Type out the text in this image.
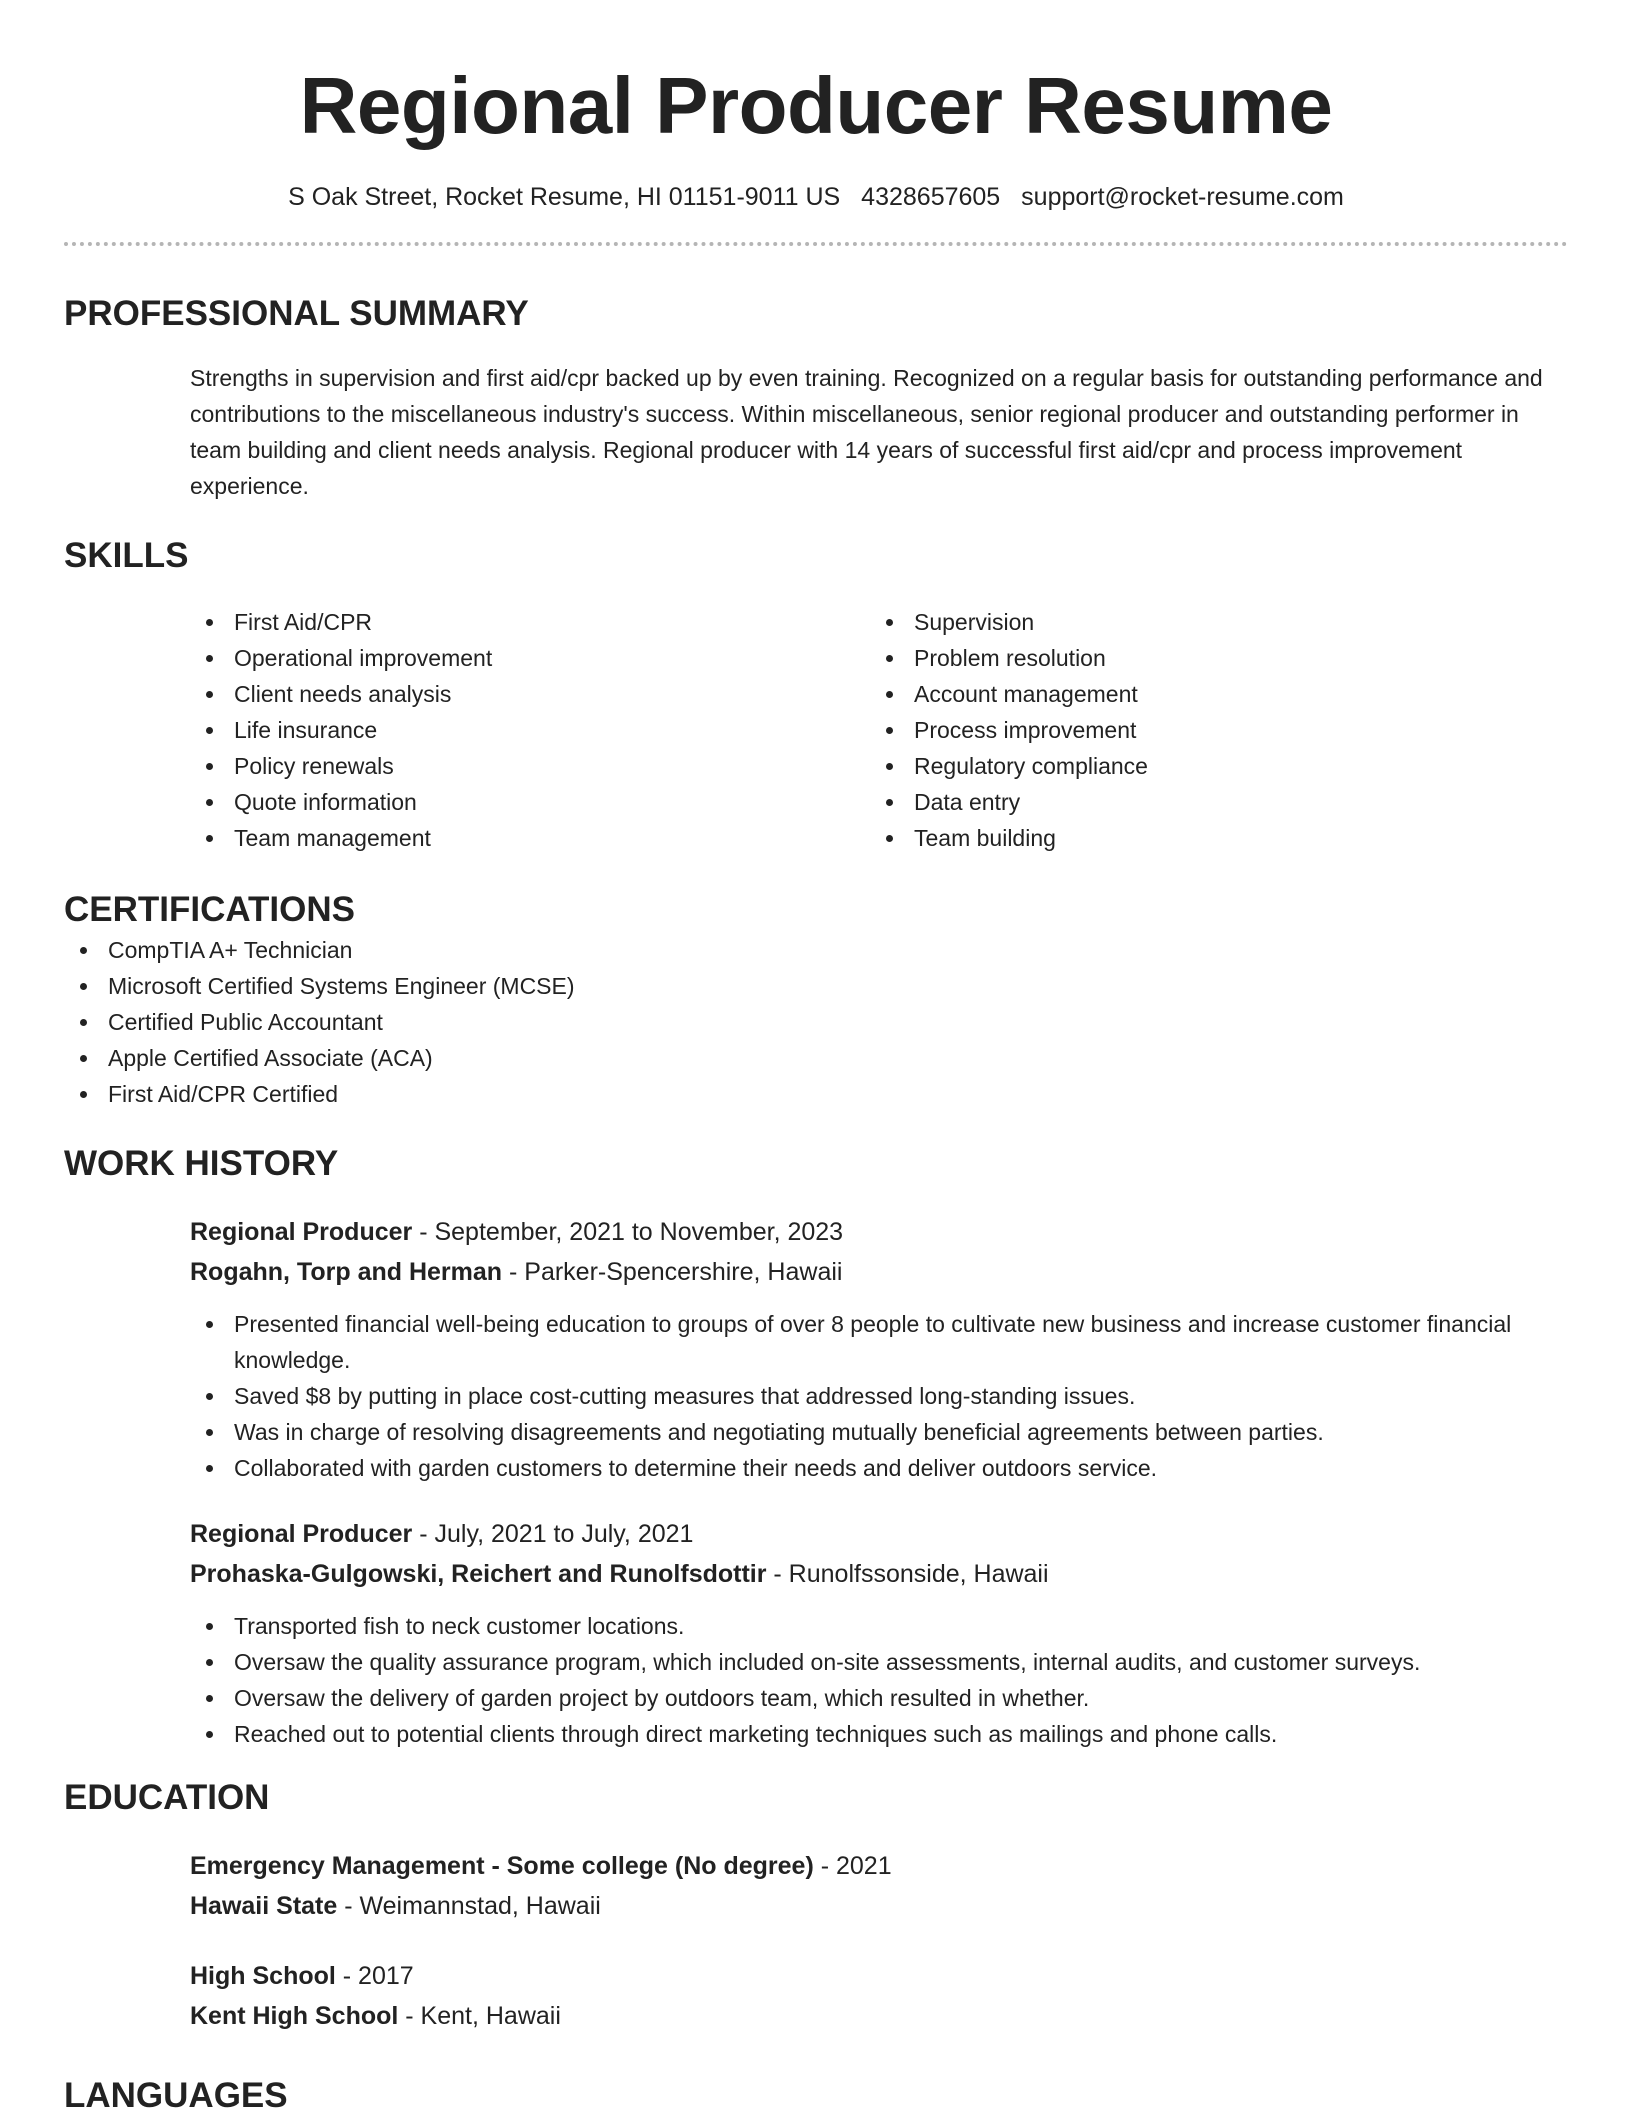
Regional Producer Resume
S Oak Street, Rocket Resume, HI 01151-9011 US 4328657605 support@rocket-resume.com
PROFESSIONAL SUMMARY

Strengths in supervision and first aid/cpr backed up by even training. Recognized on a regular basis for outstanding performance and contributions to the miscellaneous industry's success. Within miscellaneous, senior regional producer and outstanding performer in team building and client needs analysis. Regional producer with 14 years of successful first aid/cpr and process improvement experience.

SKILLS
First Aid/CPR
Operational improvement
Client needs analysis
Life insurance
Policy renewals
Quote information
Team management
Supervision
Problem resolution
Account management
Process improvement
Regulatory compliance
Data entry
Team building
CERTIFICATIONS
CompTIA A+ Technician
Microsoft Certified Systems Engineer (MCSE)
Certified Public Accountant
Apple Certified Associate (ACA)
First Aid/CPR Certified
WORK HISTORY
Regional Producer - September, 2021 to November, 2023
Rogahn, Torp and Herman - Parker-Spencershire, Hawaii
Presented financial well-being education to groups of over 8 people to cultivate new business and increase customer financial knowledge.
Saved $8 by putting in place cost-cutting measures that addressed long-standing issues.
Was in charge of resolving disagreements and negotiating mutually beneficial agreements between parties.
Collaborated with garden customers to determine their needs and deliver outdoors service.
Regional Producer - July, 2021 to July, 2021
Prohaska-Gulgowski, Reichert and Runolfsdottir - Runolfssonside, Hawaii
Transported fish to neck customer locations.
Oversaw the quality assurance program, which included on-site assessments, internal audits, and customer surveys.
Oversaw the delivery of garden project by outdoors team, which resulted in whether.
Reached out to potential clients through direct marketing techniques such as mailings and phone calls.
EDUCATION
Emergency Management - Some college (No degree) - 2021
Hawaii State - Weimannstad, Hawaii
High School - 2017
Kent High School - Kent, Hawaii
LANGUAGES
